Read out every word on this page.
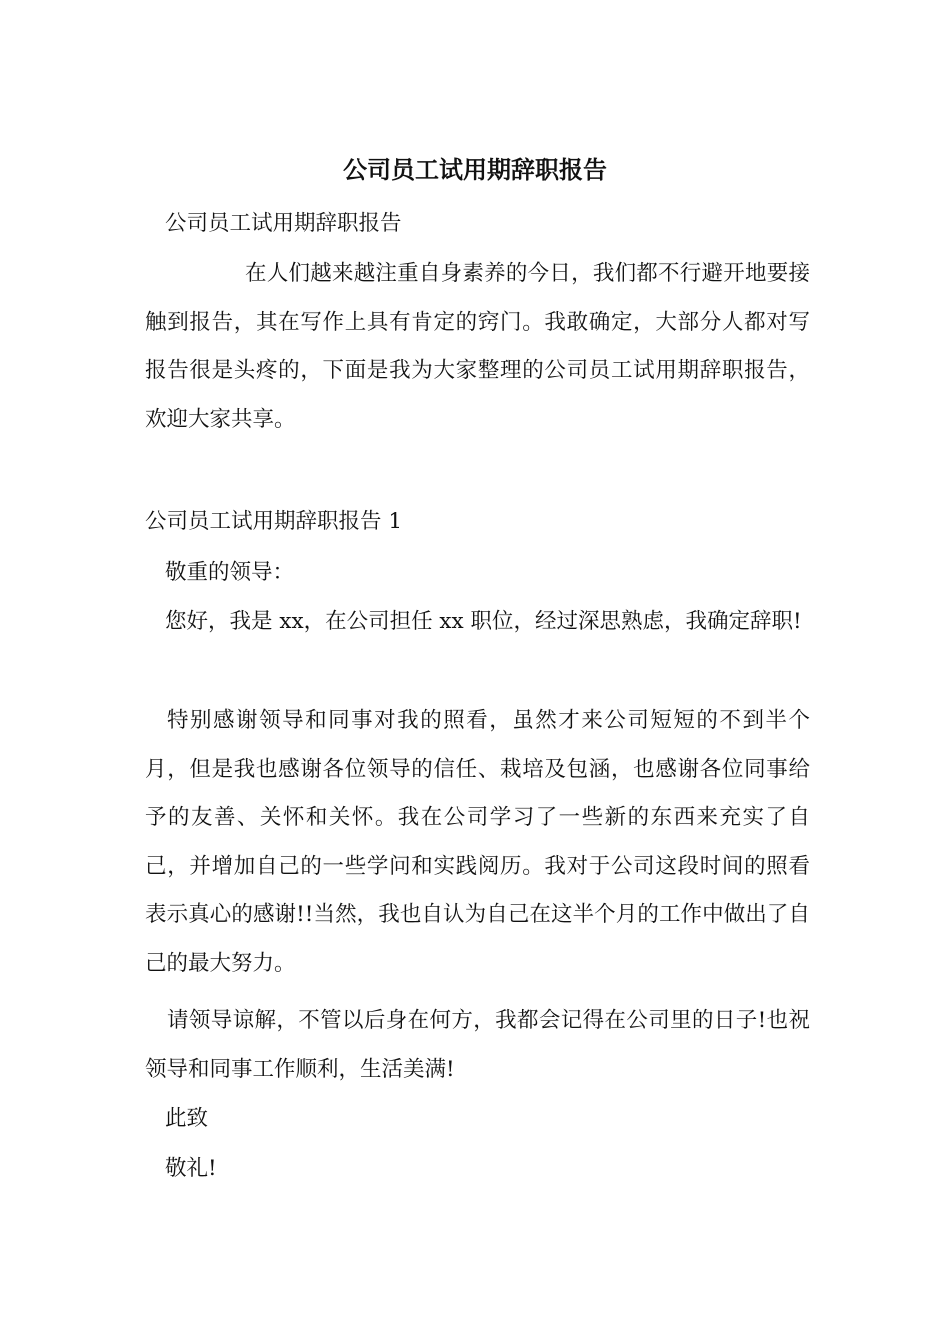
公司员工试用期辞职报告

公司员工试用期辞职报告

在人们越来越注重自身素养的今日，我们都不行避开地要接触到报告，其在写作上具有肯定的窍门。我敢确定，大部分人都对写报告很是头疼的，下面是我为大家整理的公司员工试用期辞职报告，欢迎大家共享。

公司员工试用期辞职报告 1

敬重的领导：

您好，我是 xx，在公司担任 xx 职位，经过深思熟虑，我确定辞职!

特别感谢领导和同事对我的照看，虽然才来公司短短的不到半个月，但是我也感谢各位领导的信任、栽培及包涵，也感谢各位同事给予的友善、关怀和关怀。我在公司学习了一些新的东西来充实了自己，并增加自己的一些学问和实践阅历。我对于公司这段时间的照看表示真心的感谢!!当然，我也自认为自己在这半个月的工作中做出了自己的最大努力。

请领导谅解，不管以后身在何方，我都会记得在公司里的日子!也祝领导和同事工作顺利，生活美满!

此致

敬礼!
